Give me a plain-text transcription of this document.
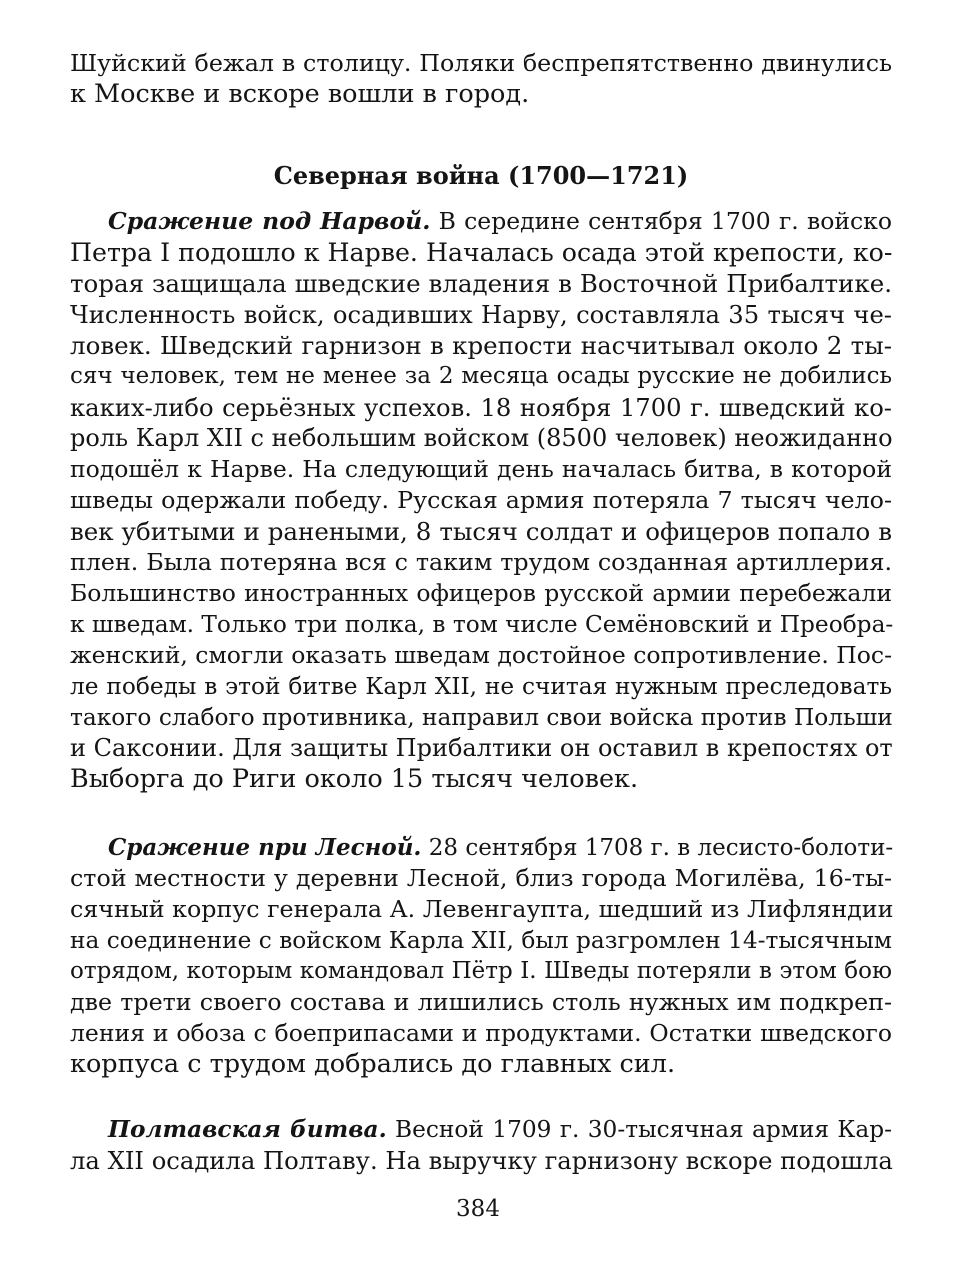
Шуйский бежал в столицу. Поляки беспрепятственно двинулись
к Москве и вскоре вошли в город.
Северная война (1700—1721)
Сражение под Нарвой. В середине сентября 1700 г. войско
Петра I подошло к Нарве. Началась осада этой крепости, ко-
торая защищала шведские владения в Восточной Прибалтике.
Численность войск, осадивших Нарву, составляла 35 тысяч че-
ловек. Шведский гарнизон в крепости насчитывал около 2 ты-
сяч человек, тем не менее за 2 месяца осады русские не добились
каких-либо серьёзных успехов. 18 ноября 1700 г. шведский ко-
роль Карл XII с небольшим войском (8500 человек) неожиданно
подошёл к Нарве. На следующий день началась битва, в которой
шведы одержали победу. Русская армия потеряла 7 тысяч чело-
век убитыми и ранеными, 8 тысяч солдат и офицеров попало в
плен. Была потеряна вся с таким трудом созданная артиллерия.
Большинство иностранных офицеров русской армии перебежали
к шведам. Только три полка, в том числе Семёновский и Преобра-
женский, смогли оказать шведам достойное сопротивление. Пос-
ле победы в этой битве Карл XII, не считая нужным преследовать
такого слабого противника, направил свои войска против Польши
и Саксонии. Для защиты Прибалтики он оставил в крепостях от
Выборга до Риги около 15 тысяч человек.
Сражение при Лесной. 28 сентября 1708 г. в лесисто-болоти-
стой местности у деревни Лесной, близ города Могилёва, 16-ты-
сячный корпус генерала А. Левенгаупта, шедший из Лифляндии
на соединение с войском Карла XII, был разгромлен 14-тысячным
отрядом, которым командовал Пётр I. Шведы потеряли в этом бою
две трети своего состава и лишились столь нужных им подкреп-
ления и обоза с боеприпасами и продуктами. Остатки шведского
корпуса с трудом добрались до главных сил.
Полтавская битва. Весной 1709 г. 30-тысячная армия Кар-
ла XII осадила Полтаву. На выручку гарнизону вскоре подошла
384
